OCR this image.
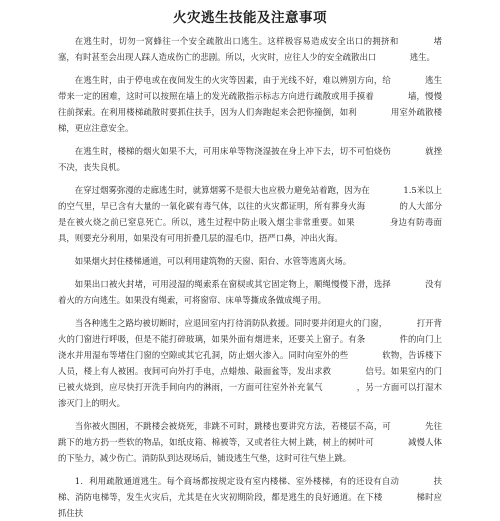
火灾逃生技能及注意事项

在逃生时，切勿一窝蜂往一个安全疏散出口逃生。这样极容易造成安全出口的拥挤和　　　　堵塞，有时甚至会出现人踩人造成伤亡的悲剧。所以，火灾时，应往人少的安全疏散出口　　　　逃生。

在逃生时，由于停电或在夜间发生的火灾等因素，由于光线不好，难以辨别方向，给　　　　逃生带来一定的困难，这时可以按照在墙上的发光疏散指示标志方向进行疏散或用手摸着　　　　墙，慢慢往前探索。在利用楼梯疏散时要抓住扶手，因为人们奔跑起来会把你撞倒，如利　　　　用室外疏散楼梯，更应注意安全。

在逃生时，楼梯的烟火如果不大，可用床单等物浇湿披在身上冲下去，切不可怕烧伤　　　　就挫不决，丧失良机。

在穿过烟雾弥漫的走廊逃生时，就算烟雾不是很大也应极力避免站着跑，因为在　　　　1.5米以上的空气里，早已含有大量的一氧化碳有毒气体，以往的火灾都证明，所有葬身火海　　　　的人大部分是在被火烧之前已窒息死亡。所以，逃生过程中防止吸入烟尘非常重要。如果　　　　身边有防毒面具，则要充分利用，如果没有可用折叠几层的湿毛巾，捂严口鼻，冲出火海。

如果烟火封住楼梯通道，可以利用建筑物的天窗、阳台、水管等逃离火场。

如果出口被火封堵，可用浸湿的绳索系在窗棂或其它固定物上，顺绳慢慢下滑，选择　　　　没有着火的方向逃生。如果没有绳索，可将窗帘、床单等撕成条做成绳子用。

当各种逃生之路均被切断时，应退回室内打待消防队救援。同时要并闭迎火的门窗，　　　　打开背火的门窗进行呼吸，但是不能打碎玻璃，如果外面有烟进来，还要关上窗子。有条　　　　件的向门上浇水并用湿布等堵住门窗的空隙或其它孔洞，防止烟火渗入。同时向室外的些　　　　软物，告诉楼下人员，楼上有人被困。夜间可向外打手电，点蜡烛、敲面盆等，发出求救　　　　信号。如果室内的门已被火烧到，应尽快打开洗手间向内的淋雨，一方面可往室外补充氧气　　　　，另一方面可以打湿木渗灭门上的明火。

当你被火围困，不跳楼会被烧死，非跳不可时，跳楼也要讲究方法，若楼层不高，可　　　　先往跳下的地方扔一些软的物品，如纸皮箱、棉被等，又或者往大树上跳，树上的树叶可　　　　减慢人体的下坠力，减少伤亡。消防队到达现场后，铺设逃生气垫，这时可往气垫上跳。

1．利用疏散通道逃生。每个商场都按规定设有室内楼梯、室外楼梯，有的还设有自动　　　　扶梯、消防电梯等，发生火灾后，尤其是在火灾初期阶段，都是逃生的良好通道。在下楼　　　　梯时应抓住扶
